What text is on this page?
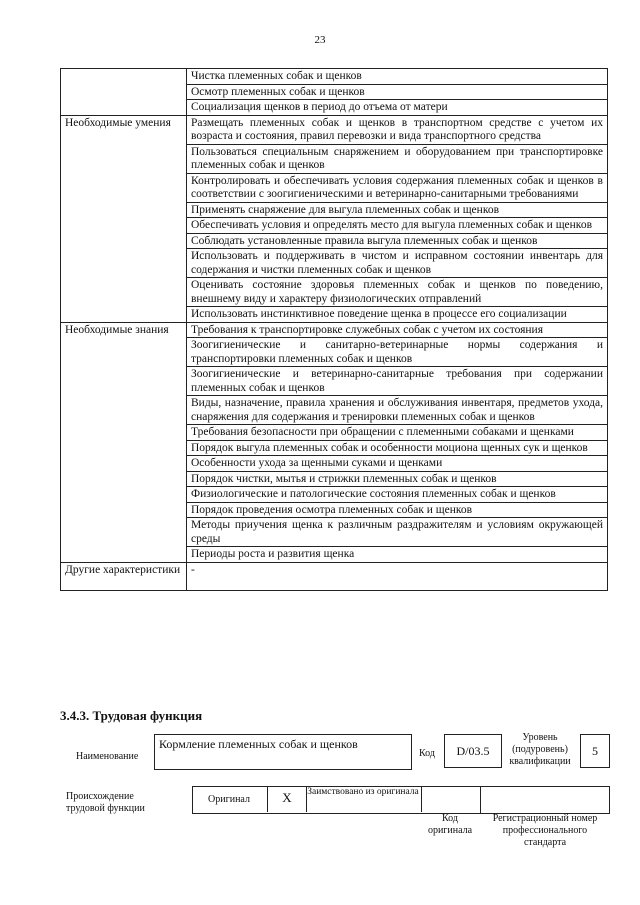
23
	Чистка племенных собак и щенков
	Осмотр племенных собак и щенков
	Социализация щенков в период до отъема от матери
Необходимые умения	Размещать племенных собак и щенков в транспортном средстве с учетом их возраста и состояния, правил перевозки и вида транспортного средства
	Пользоваться специальным снаряжением и оборудованием при транспортировке племенных собак и щенков
	Контролировать и обеспечивать условия содержания племенных собак и щенков в соответствии с зоогигиеническими и ветеринарно-санитарными требованиями
	Применять снаряжение для выгула племенных собак и щенков
	Обеспечивать условия и определять место для выгула племенных собак и щенков
	Соблюдать установленные правила выгула племенных собак и щенков
	Использовать и поддерживать в чистом и исправном состоянии инвентарь для содержания и чистки племенных собак и щенков
	Оценивать состояние здоровья племенных собак и щенков по поведению, внешнему виду и характеру физиологических отправлений
	Использовать инстинктивное поведение щенка в процессе его социализации
Необходимые знания	Требования к транспортировке служебных собак с учетом их состояния
	Зоогигиенические и санитарно-ветеринарные нормы содержания и транспортировки племенных собак и щенков
	Зоогигиенические и ветеринарно-санитарные требования при содержании племенных собак и щенков
	Виды, назначение, правила хранения и обслуживания инвентаря, предметов ухода, снаряжения для содержания и тренировки племенных собак и щенков
	Требования безопасности при обращении с племенными собаками и щенками
	Порядок выгула племенных собак и особенности моциона щенных сук и щенков
	Особенности ухода за щенными суками и щенками
	Порядок чистки, мытья и стрижки племенных собак и щенков
	Физиологические и патологические состояния племенных собак и щенков
	Порядок проведения осмотра племенных собак и щенков
	Методы приучения щенка к различным раздражителям и условиям окружающей среды
	Периоды роста и развития щенка
Другие характеристики	-
3.4.3. Трудовая функция
Наименование
Кормление племенных собак и щенков
Код	D/03.5
Уровень (подуровень) квалификации
5
Происхождение трудовой функции
Оригинал	X	Заимствовано из оригинала
Код оригинала
Регистрационный номер профессионального стандарта
